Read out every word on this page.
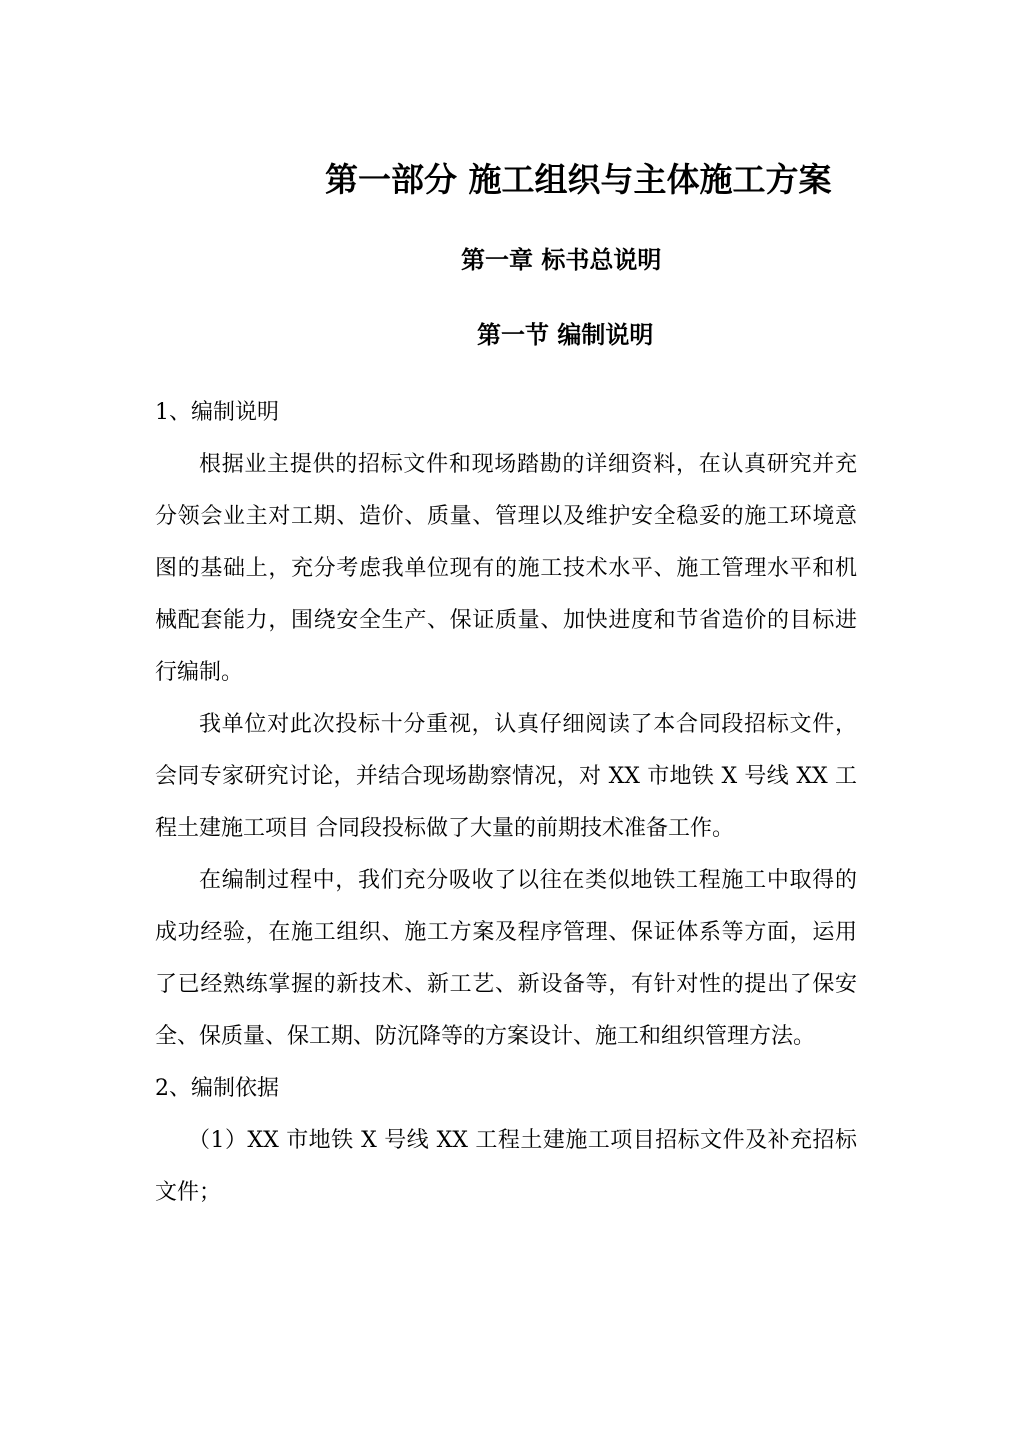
第一部分 施工组织与主体施工方案
第一章 标书总说明
第一节 编制说明

1、编制说明

根据业主提供的招标文件和现场踏勘的详细资料，在认真研究并充分领会业主对工期、造价、质量、管理以及维护安全稳妥的施工环境意图的基础上，充分考虑我单位现有的施工技术水平、施工管理水平和机械配套能力，围绕安全生产、保证质量、加快进度和节省造价的目标进行编制。

我单位对此次投标十分重视，认真仔细阅读了本合同段招标文件，会同专家研究讨论，并结合现场勘察情况，对 XX 市地铁 X 号线 XX 工程土建施工项目 合同段投标做了大量的前期技术准备工作。

在编制过程中，我们充分吸收了以往在类似地铁工程施工中取得的成功经验，在施工组织、施工方案及程序管理、保证体系等方面，运用了已经熟练掌握的新技术、新工艺、新设备等，有针对性的提出了保安全、保质量、保工期、防沉降等的方案设计、施工和组织管理方法。

2、编制依据

（1）XX 市地铁 X 号线 XX 工程土建施工项目招标文件及补充招标文件；
